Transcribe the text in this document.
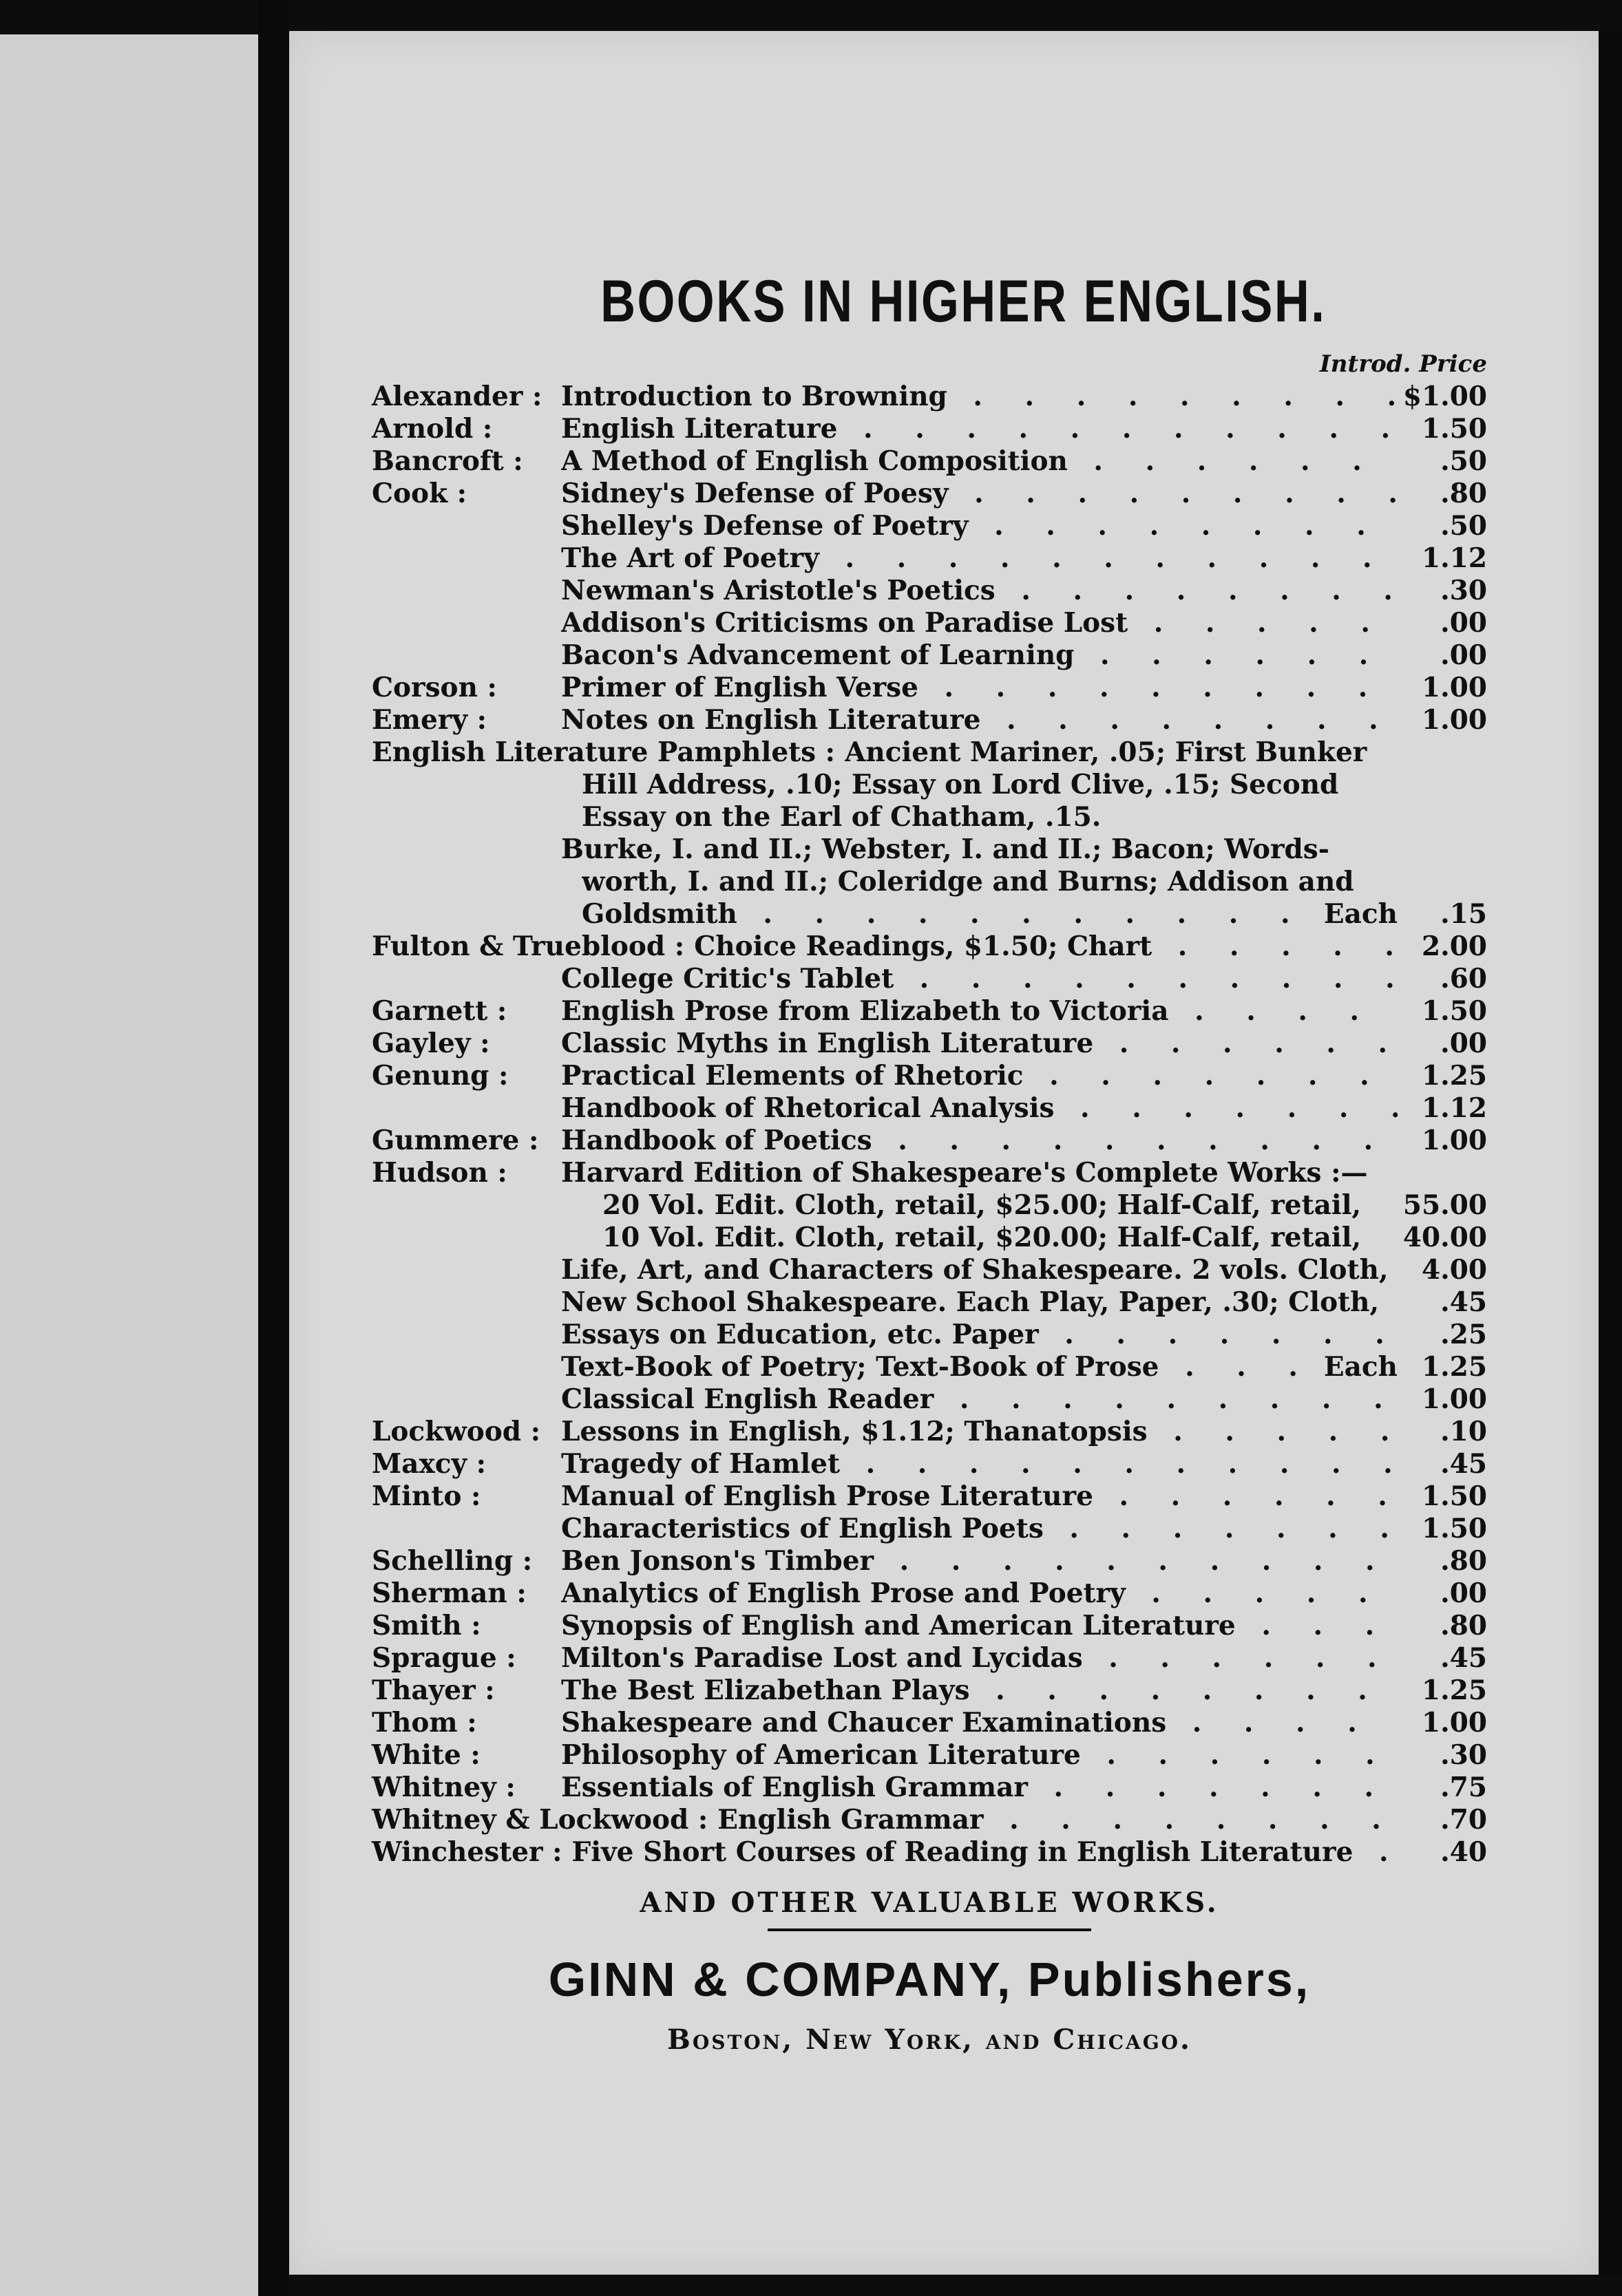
BOOKS IN HIGHER ENGLISH.
Introd. Price
Alexander : Introduction to Browning . . .	$1.00
Arnold :	English Literature . . .	1.50
Bancroft :	A Method of English Composition . . .	.50
Cook :	Sidney's Defense of Poesy . . .	.80
Shelley's Defense of Poetry . . .	.50
The Art of Poetry . . .	1.12
Newman's Aristotle's Poetics . . .	.30
Addison's Criticisms on Paradise Lost . . .	.00
Bacon's Advancement of Learning . . .	.00
Corson :	Primer of English Verse . . .	1.00
Emery :	Notes on English Literature . . .	1.00
English Literature Pamphlets : Ancient Mariner, .05; First Bunker
Hill Address, .10; Essay on Lord Clive, .15; Second
Essay on the Earl of Chatham, .15.
Burke, I. and II.; Webster, I. and II.; Bacon; Words-
worth, I. and II.; Coleridge and Burns; Addison and
Goldsmith . . .	Each	.15
Fulton & Trueblood : Choice Readings, $1.50; Chart . . .	2.00
College Critic's Tablet . . .	.60
Garnett :	English Prose from Elizabeth to Victoria . . .	1.50
Gayley :	Classic Myths in English Literature . . .	.00
Genung :	Practical Elements of Rhetoric . . .	1.25
Handbook of Rhetorical Analysis . . .	1.12
Gummere : Handbook of Poetics . . .	1.00
Hudson :	Harvard Edition of Shakespeare's Complete Works :—
20 Vol. Edit. Cloth, retail, $25.00; Half-Calf, retail,	55.00
10 Vol. Edit. Cloth, retail, $20.00; Half-Calf, retail,	40.00
Life, Art, and Characters of Shakespeare. 2 vols. Cloth,	4.00
New School Shakespeare. Each Play, Paper, .30; Cloth,	.45
Essays on Education, etc. Paper . . .	.25
Text-Book of Poetry; Text-Book of Prose . . .	Each 1.25
Classical English Reader . . .	1.00
Lockwood : Lessons in English, $1.12; Thanatopsis . . .	.10
Maxcy :	Tragedy of Hamlet . . .	.45
Minto :	Manual of English Prose Literature . . .	1.50
Characteristics of English Poets . . .	1.50
Schelling :	Ben Jonson's Timber . . .	.80
Sherman :	Analytics of English Prose and Poetry . . .	.00
Smith :	Synopsis of English and American Literature . . .	.80
Sprague :	Milton's Paradise Lost and Lycidas . . .	.45
Thayer :	The Best Elizabethan Plays . . .	1.25
Thom :	Shakespeare and Chaucer Examinations . . .	1.00
White :	Philosophy of American Literature . . .	.30
Whitney :	Essentials of English Grammar . . .	.75
Whitney & Lockwood : English Grammar . . .	.70
Winchester : Five Short Courses of Reading in English Literature . . .	.40
AND OTHER VALUABLE WORKS.
GINN & COMPANY, Publishers,
Boston, New York, and Chicago.
